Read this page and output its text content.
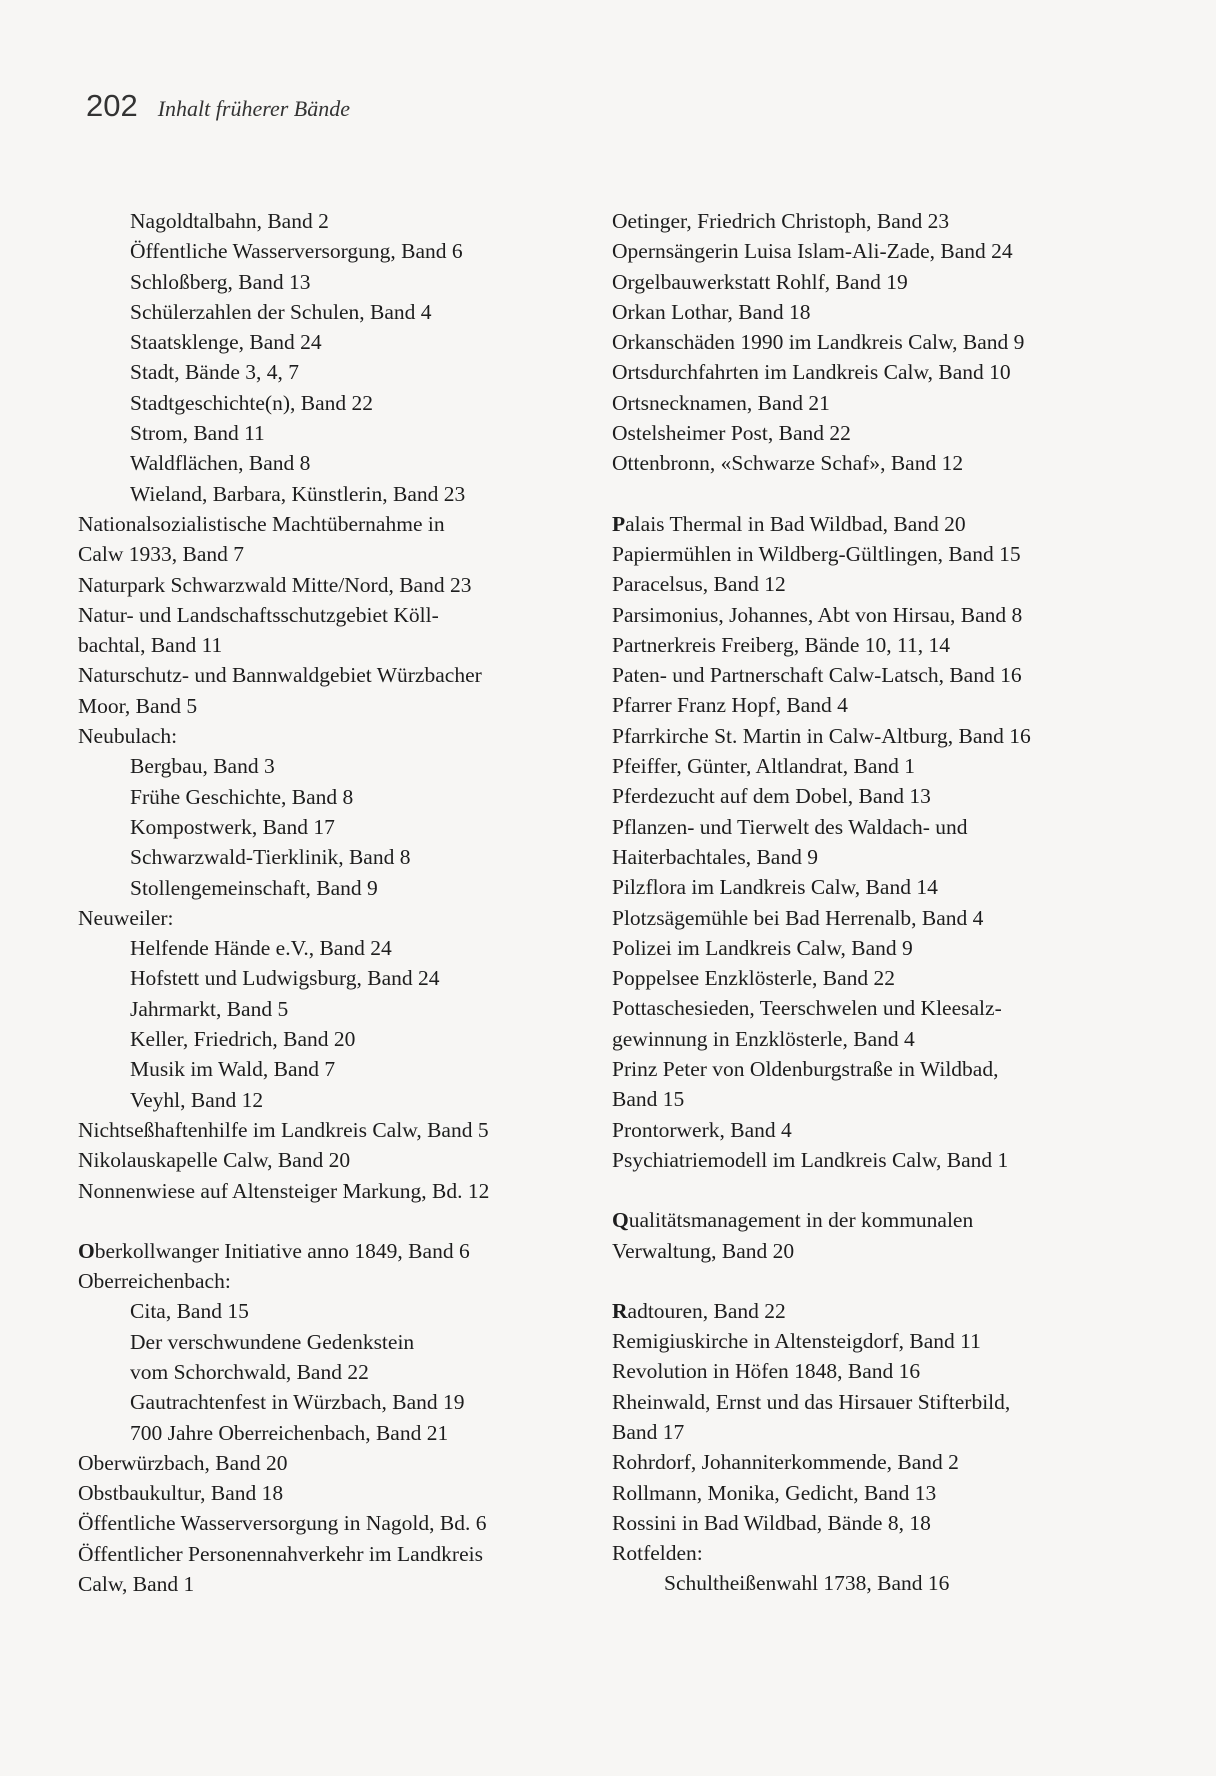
202 Inhalt früherer Bände
Nagoldtalbahn, Band 2
Öffentliche Wasserversorgung, Band 6
Schloßberg, Band 13
Schülerzahlen der Schulen, Band 4
Staatsklenge, Band 24
Stadt, Bände 3, 4, 7
Stadtgeschichte(n), Band 22
Strom, Band 11
Waldflächen, Band 8
Wieland, Barbara, Künstlerin, Band 23
Nationalsozialistische Machtübernahme in
Calw 1933, Band 7
Naturpark Schwarzwald Mitte/Nord, Band 23
Natur- und Landschaftsschutzgebiet Köll-
bachtal, Band 11
Naturschutz- und Bannwaldgebiet Würzbacher
Moor, Band 5
Neubulach:
Bergbau, Band 3
Frühe Geschichte, Band 8
Kompostwerk, Band 17
Schwarzwald-Tierklinik, Band 8
Stollengemeinschaft, Band 9
Neuweiler:
Helfende Hände e.V., Band 24
Hofstett und Ludwigsburg, Band 24
Jahrmarkt, Band 5
Keller, Friedrich, Band 20
Musik im Wald, Band 7
Veyhl, Band 12
Nichtseßhaftenhilfe im Landkreis Calw, Band 5
Nikolauskapelle Calw, Band 20
Nonnenwiese auf Altensteiger Markung, Bd. 12
Oberkollwanger Initiative anno 1849, Band 6
Oberreichenbach:
Cita, Band 15
Der verschwundene Gedenkstein
vom Schorchwald, Band 22
Gautrachtenfest in Würzbach, Band 19
700 Jahre Oberreichenbach, Band 21
Oberwürzbach, Band 20
Obstbaukultur, Band 18
Öffentliche Wasserversorgung in Nagold, Bd. 6
Öffentlicher Personennahverkehr im Landkreis
Calw, Band 1
Oetinger, Friedrich Christoph, Band 23
Opernsängerin Luisa Islam-Ali-Zade, Band 24
Orgelbauwerkstatt Rohlf, Band 19
Orkan Lothar, Band 18
Orkanschäden 1990 im Landkreis Calw, Band 9
Ortsdurchfahrten im Landkreis Calw, Band 10
Ortsnecknamen, Band 21
Ostelsheimer Post, Band 22
Ottenbronn, «Schwarze Schaf», Band 12
Palais Thermal in Bad Wildbad, Band 20
Papiermühlen in Wildberg-Gültlingen, Band 15
Paracelsus, Band 12
Parsimonius, Johannes, Abt von Hirsau, Band 8
Partnerkreis Freiberg, Bände 10, 11, 14
Paten- und Partnerschaft Calw-Latsch, Band 16
Pfarrer Franz Hopf, Band 4
Pfarrkirche St. Martin in Calw-Altburg, Band 16
Pfeiffer, Günter, Altlandrat, Band 1
Pferdezucht auf dem Dobel, Band 13
Pflanzen- und Tierwelt des Waldach- und
Haiterbachtales, Band 9
Pilzflora im Landkreis Calw, Band 14
Plotzsägemühle bei Bad Herrenalb, Band 4
Polizei im Landkreis Calw, Band 9
Poppelsee Enzklösterle, Band 22
Pottaschesieden, Teerschwelen und Kleesalz-
gewinnung in Enzklösterle, Band 4
Prinz Peter von Oldenburgstraße in Wildbad,
Band 15
Prontorwerk, Band 4
Psychiatriemodell im Landkreis Calw, Band 1
Qualitätsmanagement in der kommunalen
Verwaltung, Band 20
Radtouren, Band 22
Remigiuskirche in Altensteigdorf, Band 11
Revolution in Höfen 1848, Band 16
Rheinwald, Ernst und das Hirsauer Stifterbild,
Band 17
Rohrdorf, Johanniterkommende, Band 2
Rollmann, Monika, Gedicht, Band 13
Rossini in Bad Wildbad, Bände 8, 18
Rotfelden:
Schultheißenwahl 1738, Band 16
